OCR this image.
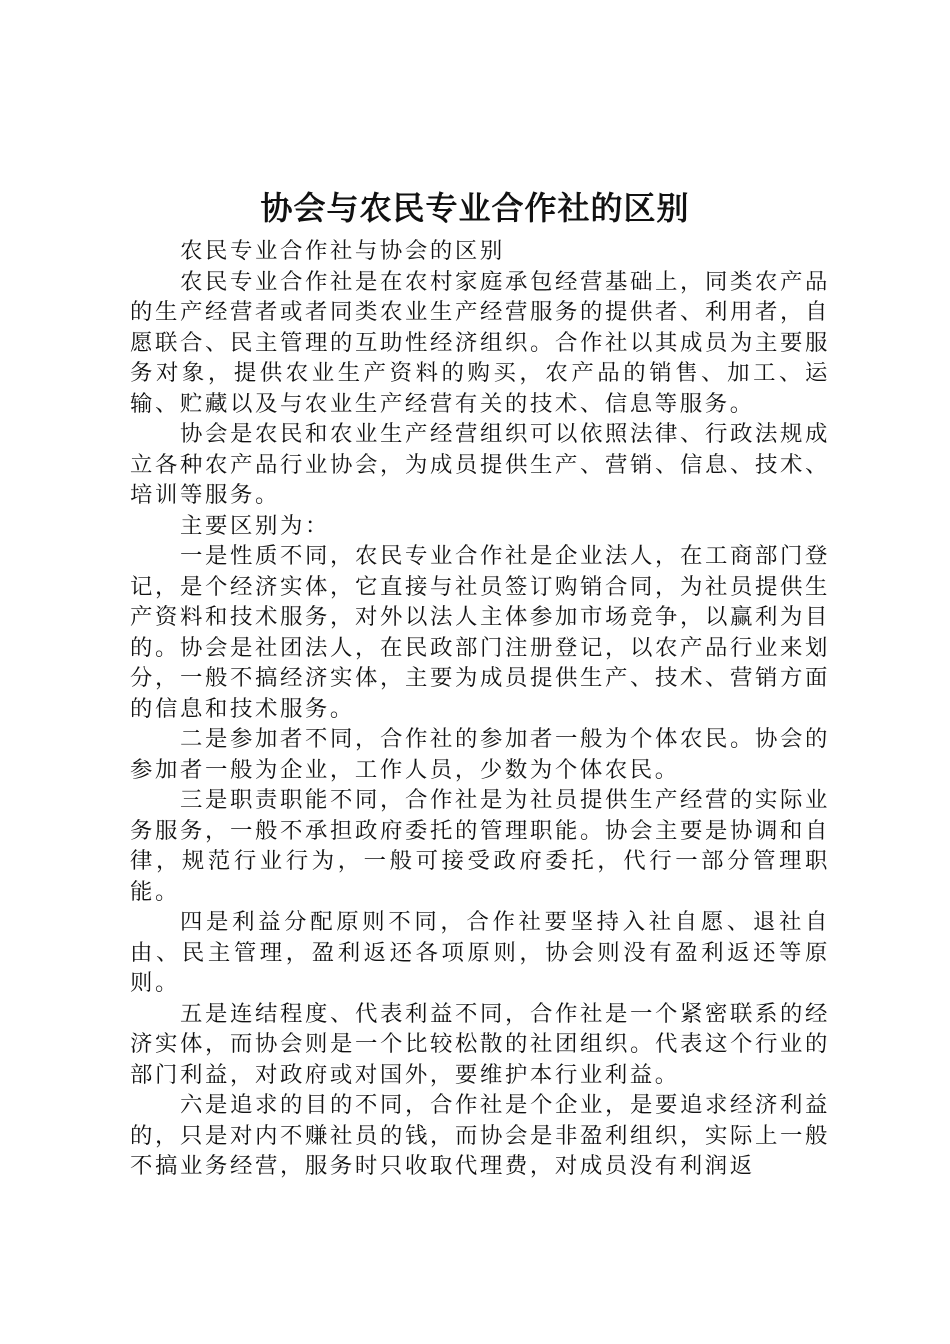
协会与农民专业合作社的区别

农民专业合作社与协会的区别

农民专业合作社是在农村家庭承包经营基础上，同类农产品的生产经营者或者同类农业生产经营服务的提供者、利用者，自愿联合、民主管理的互助性经济组织。合作社以其成员为主要服务对象，提供农业生产资料的购买，农产品的销售、加工、运输、贮藏以及与农业生产经营有关的技术、信息等服务。

协会是农民和农业生产经营组织可以依照法律、行政法规成立各种农产品行业协会，为成员提供生产、营销、信息、技术、培训等服务。

主要区别为：

一是性质不同，农民专业合作社是企业法人，在工商部门登记，是个经济实体，它直接与社员签订购销合同，为社员提供生产资料和技术服务，对外以法人主体参加市场竞争，以赢利为目的。协会是社团法人，在民政部门注册登记，以农产品行业来划分，一般不搞经济实体，主要为成员提供生产、技术、营销方面的信息和技术服务。

二是参加者不同，合作社的参加者一般为个体农民。协会的参加者一般为企业，工作人员，少数为个体农民。

三是职责职能不同，合作社是为社员提供生产经营的实际业务服务，一般不承担政府委托的管理职能。协会主要是协调和自律，规范行业行为，一般可接受政府委托，代行一部分管理职能。

四是利益分配原则不同，合作社要坚持入社自愿、退社自由、民主管理，盈利返还各项原则，协会则没有盈利返还等原则。

五是连结程度、代表利益不同，合作社是一个紧密联系的经济实体，而协会则是一个比较松散的社团组织。代表这个行业的部门利益，对政府或对国外，要维护本行业利益。

六是追求的目的不同，合作社是个企业，是要追求经济利益的，只是对内不赚社员的钱，而协会是非盈利组织，实际上一般不搞业务经营，服务时只收取代理费，对成员没有利润返
